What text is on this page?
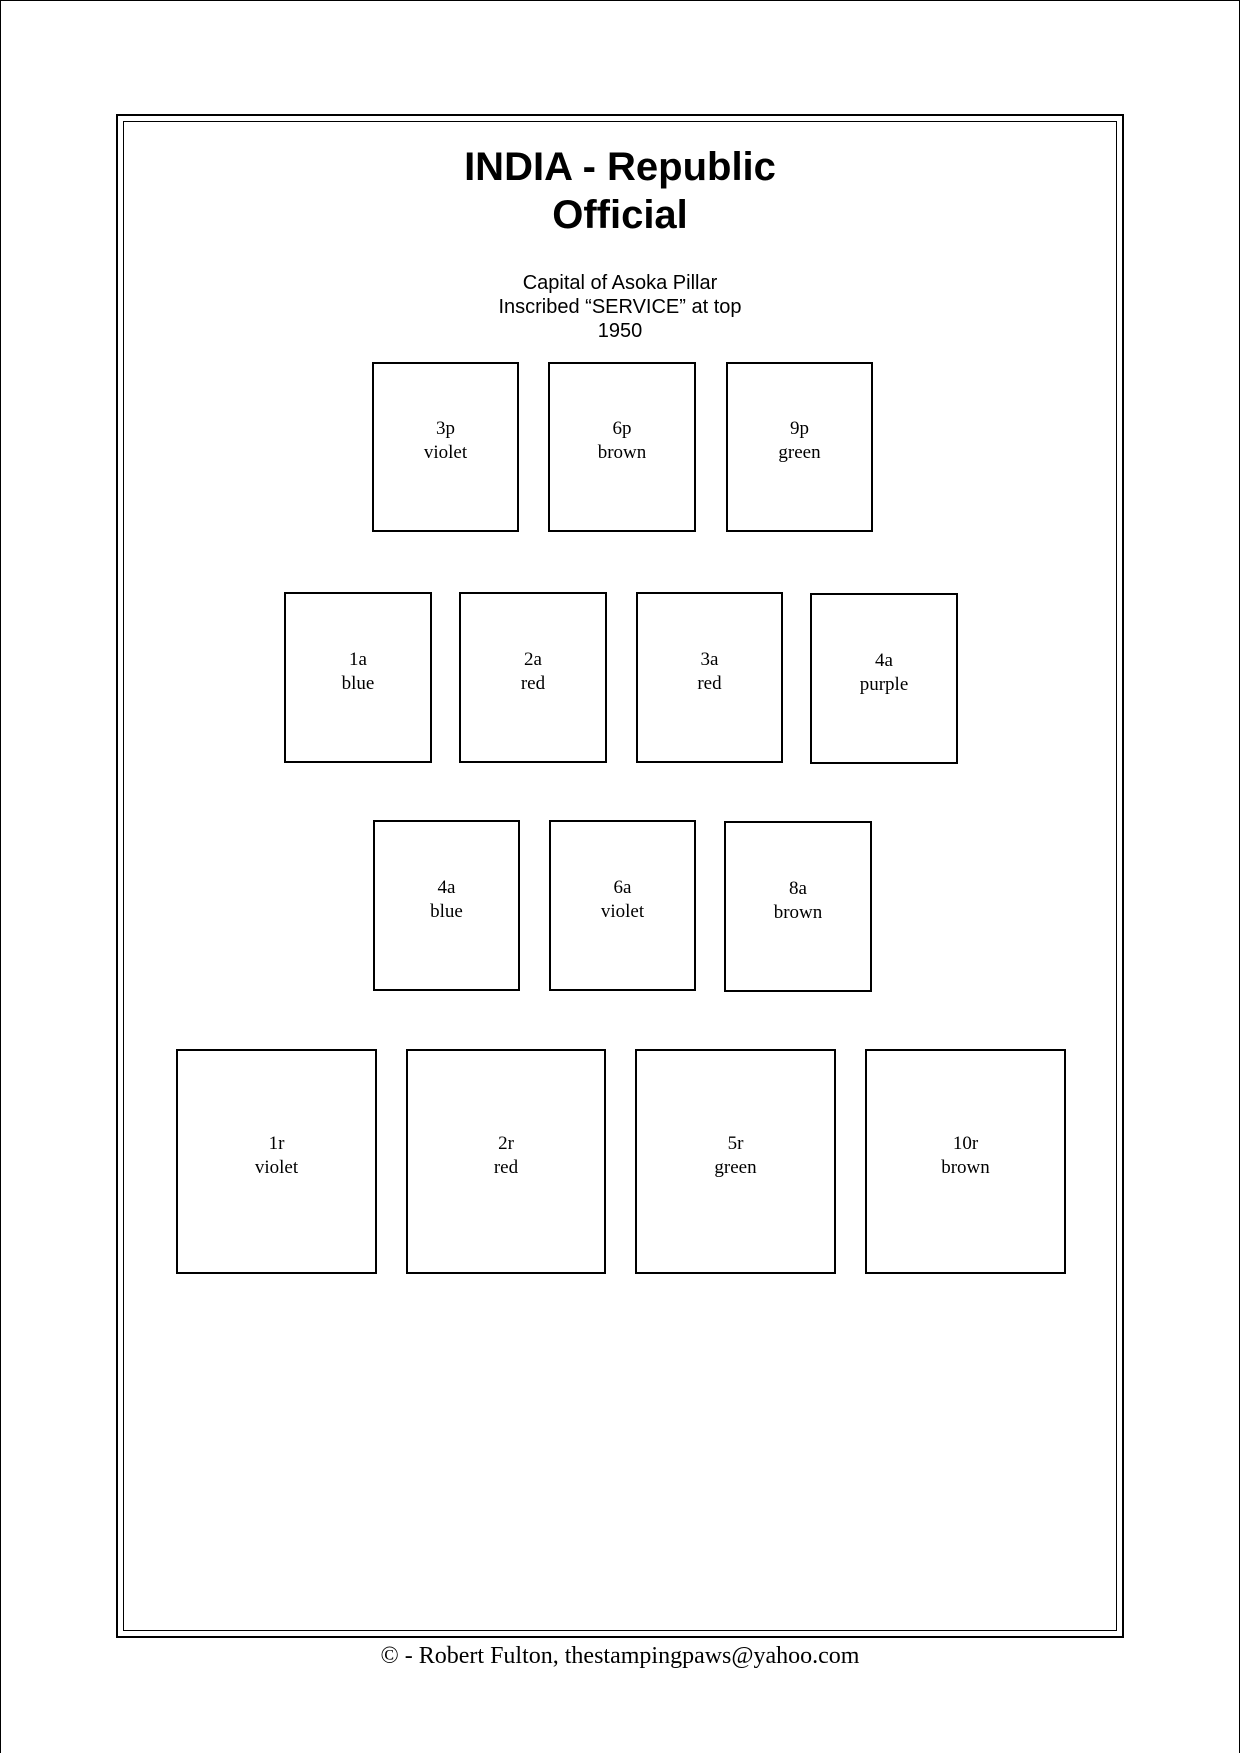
INDIA - Republic
Official
Capital of Asoka Pillar
Inscribed “SERVICE” at top
1950
3p
violet
6p
brown
9p
green
1a
blue
2a
red
3a
red
4a
purple
4a
blue
6a
violet
8a
brown
1r
violet
2r
red
5r
green
10r
brown
© - Robert Fulton, thestampingpaws@yahoo.com
